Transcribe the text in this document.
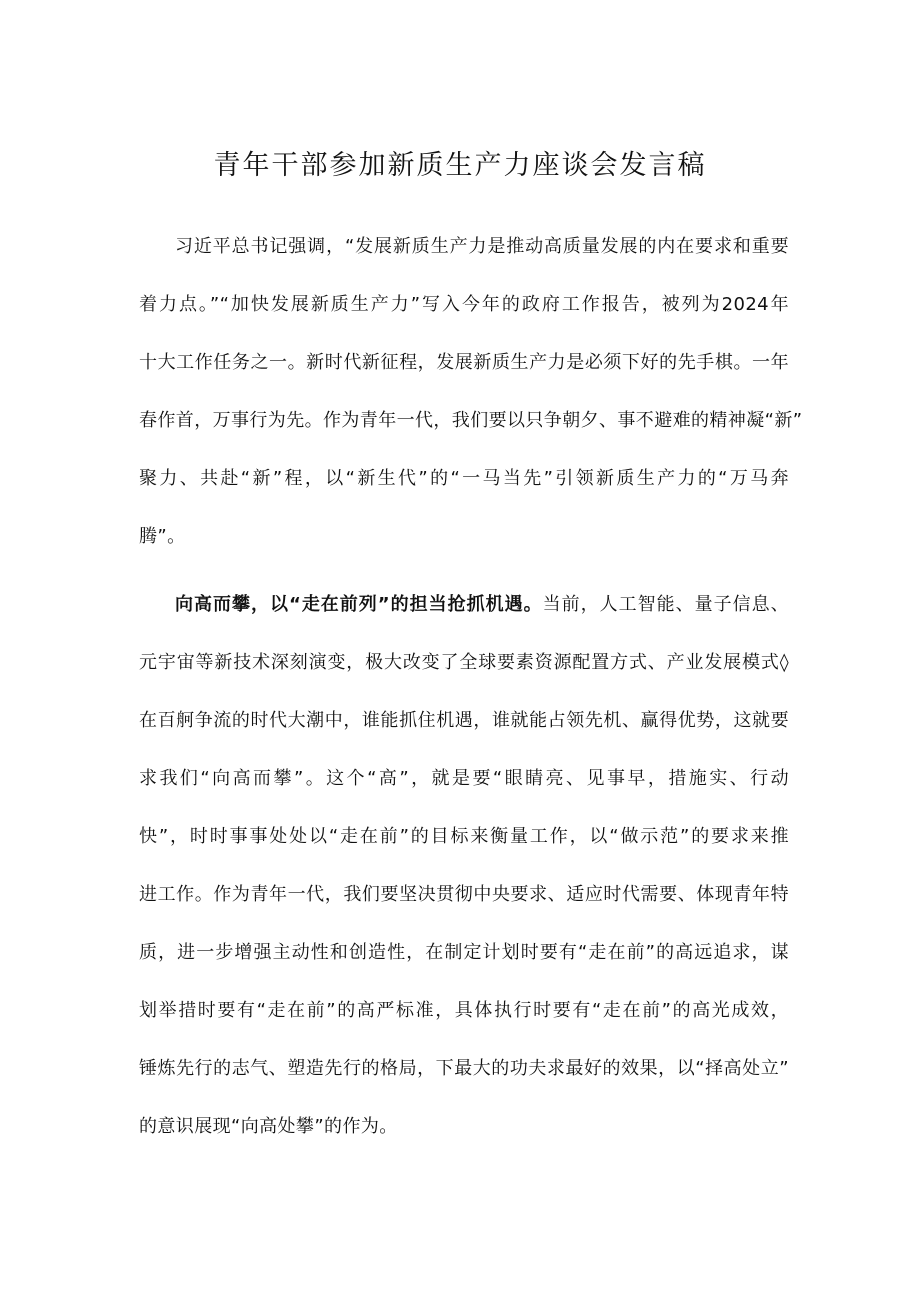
青年干部参加新质生产力座谈会发言稿
习近平总书记强调，“发展新质生产力是推动高质量发展的内在要求和重要
着力点。”“加快发展新质生产力”写入今年的政府工作报告，被列为2024年
十大工作任务之一。新时代新征程，发展新质生产力是必须下好的先手棋。一年
春作首，万事行为先。作为青年一代，我们要以只争朝夕、事不避难的精神凝“新”
聚力、共赴“新”程，以“新生代”的“一马当先”引领新质生产力的“万马奔
腾”。
向高而攀，以“走在前列”的担当抢抓机遇。当前，人工智能、量子信息、
元宇宙等新技术深刻演变，极大改变了全球要素资源配置方式、产业发展模式◊
在百舸争流的时代大潮中，谁能抓住机遇，谁就能占领先机、赢得优势，这就要
求我们“向高而攀”。这个“高”，就是要“眼睛亮、见事早，措施实、行动
快”，时时事事处处以“走在前”的目标来衡量工作，以“做示范”的要求来推
进工作。作为青年一代，我们要坚决贯彻中央要求、适应时代需要、体现青年特
质，进一步增强主动性和创造性，在制定计划时要有“走在前”的高远追求，谋
划举措时要有“走在前”的高严标准，具体执行时要有“走在前”的高光成效，
锤炼先行的志气、塑造先行的格局，下最大的功夫求最好的效果，以“择高处立”
的意识展现“向高处攀”的作为。
